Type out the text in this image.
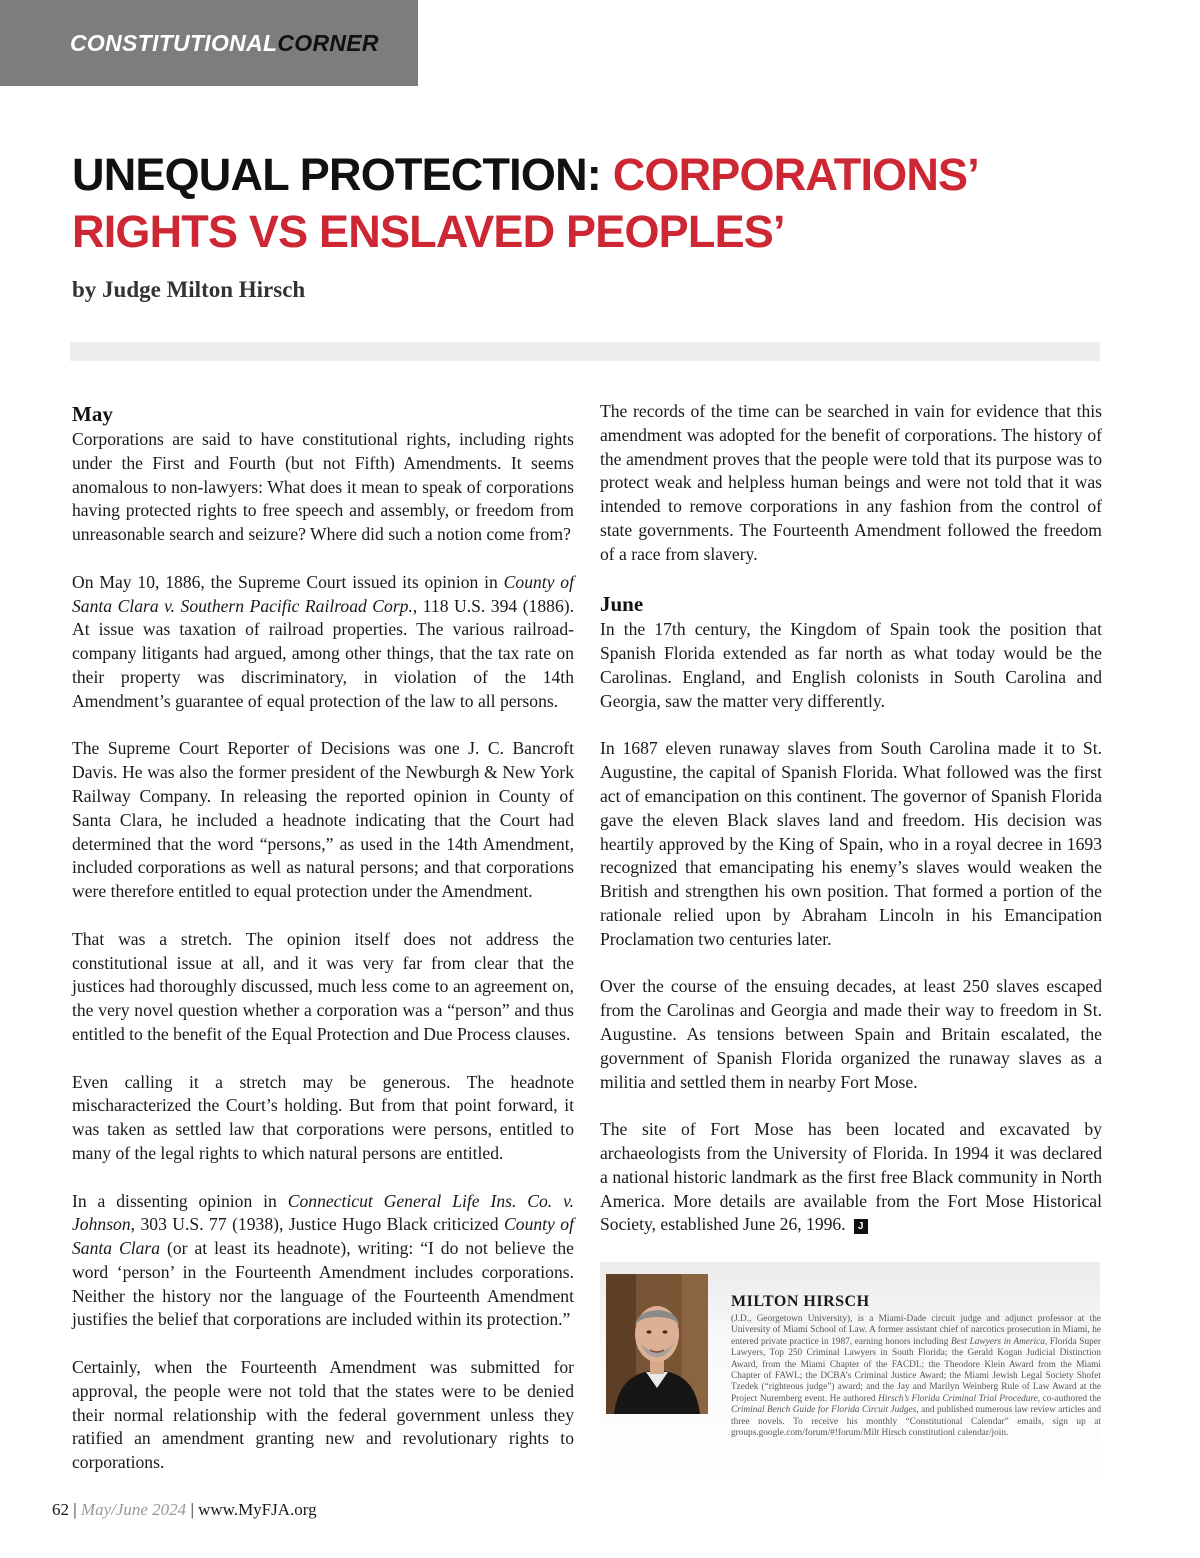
CONSTITUTIONALCORNER
UNEQUAL PROTECTION: CORPORATIONS’
RIGHTS VS ENSLAVED PEOPLES’

by Judge Milton Hirsch

May

Corporations are said to have constitutional rights, including rights under the First and Fourth (but not Fifth) Amendments. It seems anomalous to non-lawyers: What does it mean to speak of corporations having protected rights to free speech and assembly, or freedom from unreasonable search and seizure? Where did such a notion come from?

On May 10, 1886, the Supreme Court issued its opinion in County of Santa Clara v. Southern Pacific Railroad Corp., 118 U.S. 394 (1886). At issue was taxation of railroad properties. The various railroad-company litigants had argued, among other things, that the tax rate on their property was discriminatory, in violation of the 14th Amendment’s guarantee of equal protection of the law to all persons.

The Supreme Court Reporter of Decisions was one J. C. Bancroft Davis. He was also the former president of the Newburgh & New York Railway Company. In releasing the reported opinion in County of Santa Clara, he included a headnote indicating that the Court had determined that the word “persons,” as used in the 14th Amendment, included corporations as well as natural persons; and that corporations were therefore entitled to equal protection under the Amendment.

That was a stretch. The opinion itself does not address the constitutional issue at all, and it was very far from clear that the justices had thoroughly discussed, much less come to an agreement on, the very novel question whether a corporation was a “person” and thus entitled to the benefit of the Equal Protection and Due Process clauses.

Even calling it a stretch may be generous. The headnote mischaracterized the Court’s holding. But from that point forward, it was taken as settled law that corporations were persons, entitled to many of the legal rights to which natural persons are entitled.

In a dissenting opinion in Connecticut General Life Ins. Co. v. Johnson, 303 U.S. 77 (1938), Justice Hugo Black criticized County of Santa Clara (or at least its headnote), writing: “I do not believe the word ‘person’ in the Fourteenth Amendment includes corporations. Neither the history nor the language of the Fourteenth Amendment justifies the belief that corporations are included within its protection.”

Certainly, when the Fourteenth Amendment was submitted for approval, the people were not told that the states were to be denied their normal relationship with the federal government unless they ratified an amendment granting new and revolutionary rights to corporations.

The records of the time can be searched in vain for evidence that this amendment was adopted for the benefit of corporations. The history of the amendment proves that the people were told that its purpose was to protect weak and helpless human beings and were not told that it was intended to remove corporations in any fashion from the control of state governments. The Fourteenth Amendment followed the freedom of a race from slavery.

June

In the 17th century, the Kingdom of Spain took the position that Spanish Florida extended as far north as what today would be the Carolinas. England, and English colonists in South Carolina and Georgia, saw the matter very differently.

In 1687 eleven runaway slaves from South Carolina made it to St. Augustine, the capital of Spanish Florida. What followed was the first act of emancipation on this continent. The governor of Spanish Florida gave the eleven Black slaves land and freedom. His decision was heartily approved by the King of Spain, who in a royal decree in 1693 recognized that emancipating his enemy’s slaves would weaken the British and strengthen his own position. That formed a portion of the rationale relied upon by Abraham Lincoln in his Emancipation Proclamation two centuries later.

Over the course of the ensuing decades, at least 250 slaves escaped from the Carolinas and Georgia and made their way to freedom in St. Augustine. As tensions between Spain and Britain escalated, the government of Spanish Florida organized the runaway slaves as a militia and settled them in nearby Fort Mose.

The site of Fort Mose has been located and excavated by archaeologists from the University of Florida. In 1994 it was declared a national historic landmark as the first free Black community in North America. More details are available from the Fort Mose Historical Society, established June 26, 1996. J

MILTON HIRSCH

(J.D., Georgetown University), is a Miami-Dade circuit judge and adjunct professor at the University of Miami School of Law. A former assistant chief of narcotics prosecution in Miami, he entered private practice in 1987, earning honors including Best Lawyers in America, Florida Super Lawyers, Top 250 Criminal Lawyers in South Florida; the Gerald Kogan Judicial Distinction Award, from the Miami Chapter of the FACDL; the Theodore Klein Award from the Miami Chapter of FAWL; the DCBA’s Criminal Justice Award; the Miami Jewish Legal Society Shofet Tzedek (“righteous judge”) award; and the Jay and Marilyn Weinberg Rule of Law Award at the Project Nuremberg event. He authored Hirsch’s Florida Criminal Trial Procedure, co-authored the Criminal Bench Guide for Florida Circuit Judges, and published numerous law review articles and three novels. To receive his monthly “Constitutional Calendar” emails, sign up at groups.google.com/forum/#!forum/Milt Hirsch constitutionl calendar/join.

62 | May/June 2024 | www.MyFJA.org
